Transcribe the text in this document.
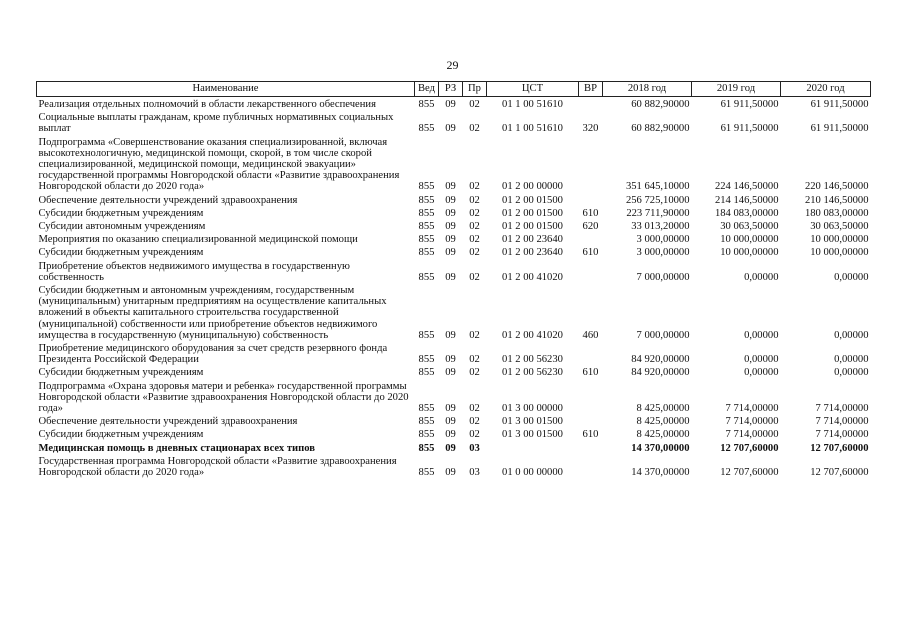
29
Наименование	Вед	РЗ	Пр	ЦСТ	ВР	2018 год	2019 год	2020 год
Реализация отдельных полномочий в области лекарственного обеспечения	855	09	02	01 1 00 51610		60 882,90000	61 911,50000	61 911,50000
Социальные выплаты гражданам, кроме публичных нормативных социальных выплат	855	09	02	01 1 00 51610	320	60 882,90000	61 911,50000	61 911,50000
Подпрограмма «Совершенствование оказания специализированной, включая высокотехнологичную, медицинской помощи, скорой, в том числе скорой специализированной, медицинской помощи, медицинской эвакуации» государственной программы Новгородской области «Развитие здравоохранения Новгородской области до 2020 года»	855	09	02	01 2 00 00000		351 645,10000	224 146,50000	220 146,50000
Обеспечение деятельности учреждений здравоохранения	855	09	02	01 2 00 01500		256 725,10000	214 146,50000	210 146,50000
Субсидии бюджетным учреждениям	855	09	02	01 2 00 01500	610	223 711,90000	184 083,00000	180 083,00000
Субсидии автономным учреждениям	855	09	02	01 2 00 01500	620	33 013,20000	30 063,50000	30 063,50000
Мероприятия по оказанию специализированной медицинской помощи	855	09	02	01 2 00 23640		3 000,00000	10 000,00000	10 000,00000
Субсидии бюджетным учреждениям	855	09	02	01 2 00 23640	610	3 000,00000	10 000,00000	10 000,00000
Приобретение объектов недвижимого имущества в государственную собственность	855	09	02	01 2 00 41020		7 000,00000	0,00000	0,00000
Субсидии бюджетным и автономным учреждениям, государственным (муниципальным) унитарным предприятиям на осуществление капитальных вложений в объекты капитального строительства государственной (муниципальной) собственности или приобретение объектов недвижимого имущества в государственную (муниципальную) собственность	855	09	02	01 2 00 41020	460	7 000,00000	0,00000	0,00000
Приобретение медицинского оборудования за счет средств резервного фонда Президента Российской Федерации	855	09	02	01 2 00 56230		84 920,00000	0,00000	0,00000
Субсидии бюджетным учреждениям	855	09	02	01 2 00 56230	610	84 920,00000	0,00000	0,00000
Подпрограмма «Охрана здоровья матери и ребенка» государственной программы Новгородской области «Развитие здравоохранения Новгородской области до 2020 года»	855	09	02	01 3 00 00000		8 425,00000	7 714,00000	7 714,00000
Обеспечение деятельности учреждений здравоохранения	855	09	02	01 3 00 01500		8 425,00000	7 714,00000	7 714,00000
Субсидии бюджетным учреждениям	855	09	02	01 3 00 01500	610	8 425,00000	7 714,00000	7 714,00000
Медицинская помощь в дневных стационарах всех типов	855	09	03			14 370,00000	12 707,60000	12 707,60000
Государственная программа Новгородской области «Развитие здравоохранения Новгородской области до 2020 года»	855	09	03	01 0 00 00000		14 370,00000	12 707,60000	12 707,60000
